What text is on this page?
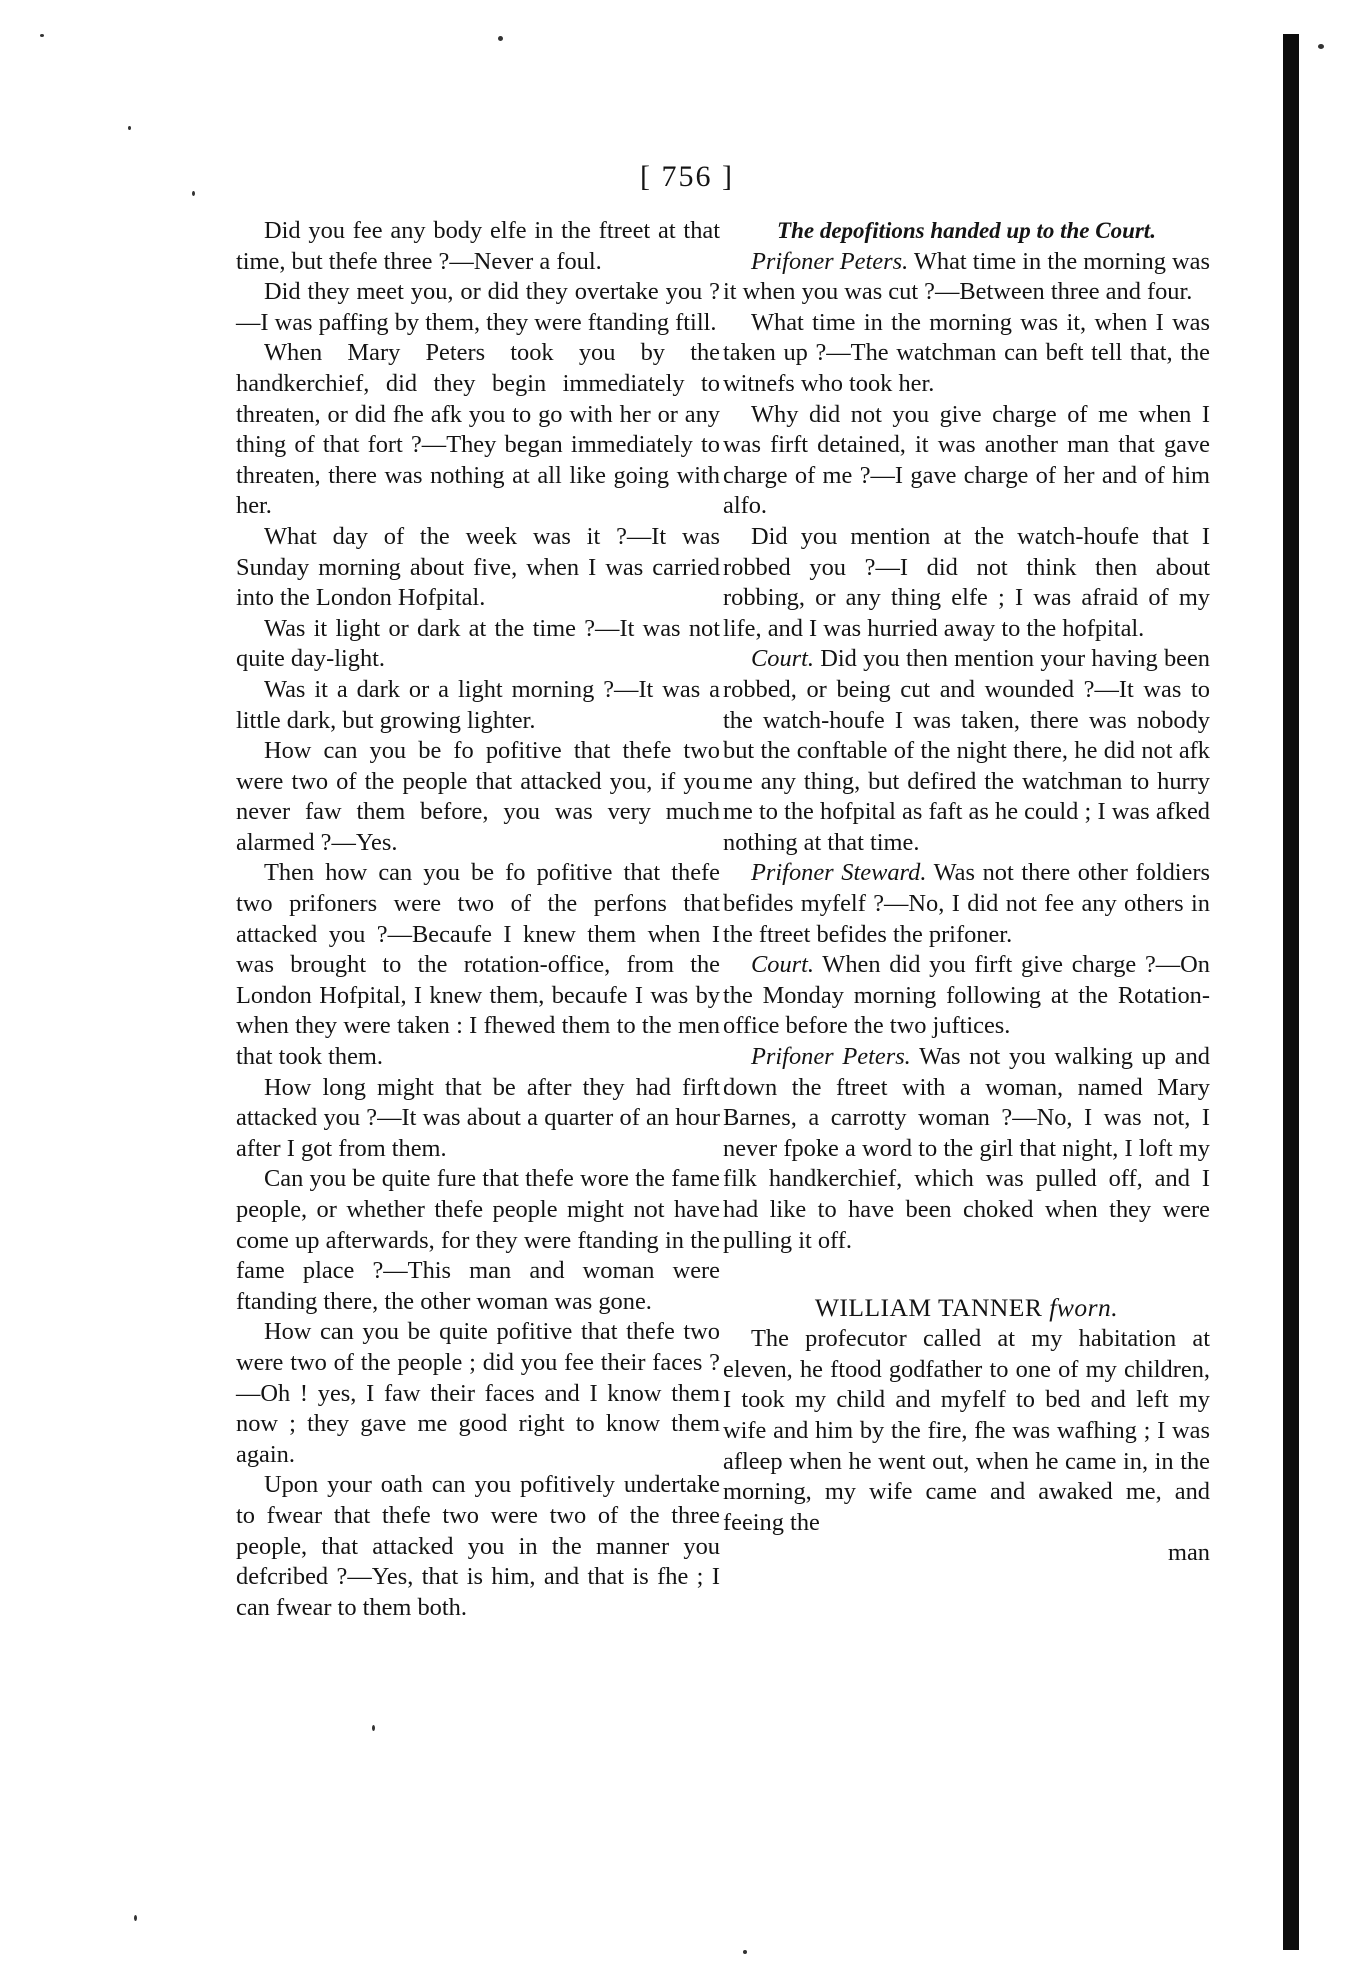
[ 756 ]

Did you fee any body elfe in the ftreet at that time, but thefe three ?—Never a foul.

Did they meet you, or did they overtake you ?—I was paffing by them, they were ftanding ftill.

When Mary Peters took you by the handkerchief, did they begin immediately to threaten, or did fhe afk you to go with her or any thing of that fort ?—They began immediately to threaten, there was nothing at all like going with her.

What day of the week was it ?—It was Sunday morning about five, when I was carried into the London Hofpital.

Was it light or dark at the time ?—It was not quite day-light.

Was it a dark or a light morning ?—It was a little dark, but growing lighter.

How can you be fo pofitive that thefe two were two of the people that attacked you, if you never faw them before, you was very much alarmed ?—Yes.

Then how can you be fo pofitive that thefe two prifoners were two of the perfons that attacked you ?—Becaufe I knew them when I was brought to the rotation-office, from the London Hofpital, I knew them, becaufe I was by when they were taken : I fhewed them to the men that took them.

How long might that be after they had firft attacked you ?—It was about a quarter of an hour after I got from them.

Can you be quite fure that thefe wore the fame people, or whether thefe people might not have come up afterwards, for they were ftanding in the fame place ?—This man and woman were ftanding there, the other woman was gone.

How can you be quite pofitive that thefe two were two of the people ; did you fee their faces ?—Oh ! yes, I faw their faces and I know them now ; they gave me good right to know them again.

Upon your oath can you pofitively undertake to fwear that thefe two were two of the three people, that attacked you in the manner you defcribed ?—Yes, that is him, and that is fhe ; I can fwear to them both.

The depofitions handed up to the Court.

Prifoner Peters. What time in the morning was it when you was cut ?—Between three and four.

What time in the morning was it, when I was taken up ?—The watchman can beft tell that, the witnefs who took her.

Why did not you give charge of me when I was firft detained, it was another man that gave charge of me ?—I gave charge of her and of him alfo.

Did you mention at the watch-houfe that I robbed you ?—I did not think then about robbing, or any thing elfe ; I was afraid of my life, and I was hurried away to the hofpital.

Court. Did you then mention your having been robbed, or being cut and wounded ?—It was to the watch-houfe I was taken, there was nobody but the conftable of the night there, he did not afk me any thing, but defired the watchman to hurry me to the hofpital as faft as he could ; I was afked nothing at that time.

Prifoner Steward. Was not there other foldiers befides myfelf ?—No, I did not fee any others in the ftreet befides the prifoner.

Court. When did you firft give charge ?—On the Monday morning following at the Rotation-office before the two juftices.

Prifoner Peters. Was not you walking up and down the ftreet with a woman, named Mary Barnes, a carrotty woman ?—No, I was not, I never fpoke a word to the girl that night, I loft my filk handkerchief, which was pulled off, and I had like to have been choked when they were pulling it off.

WILLIAM TANNER fworn.

The profecutor called at my habitation at eleven, he ftood godfather to one of my children, I took my child and myfelf to bed and left my wife and him by the fire, fhe was wafhing ; I was afleep when he went out, when he came in, in the morning, my wife came and awaked me, and feeing the

man
